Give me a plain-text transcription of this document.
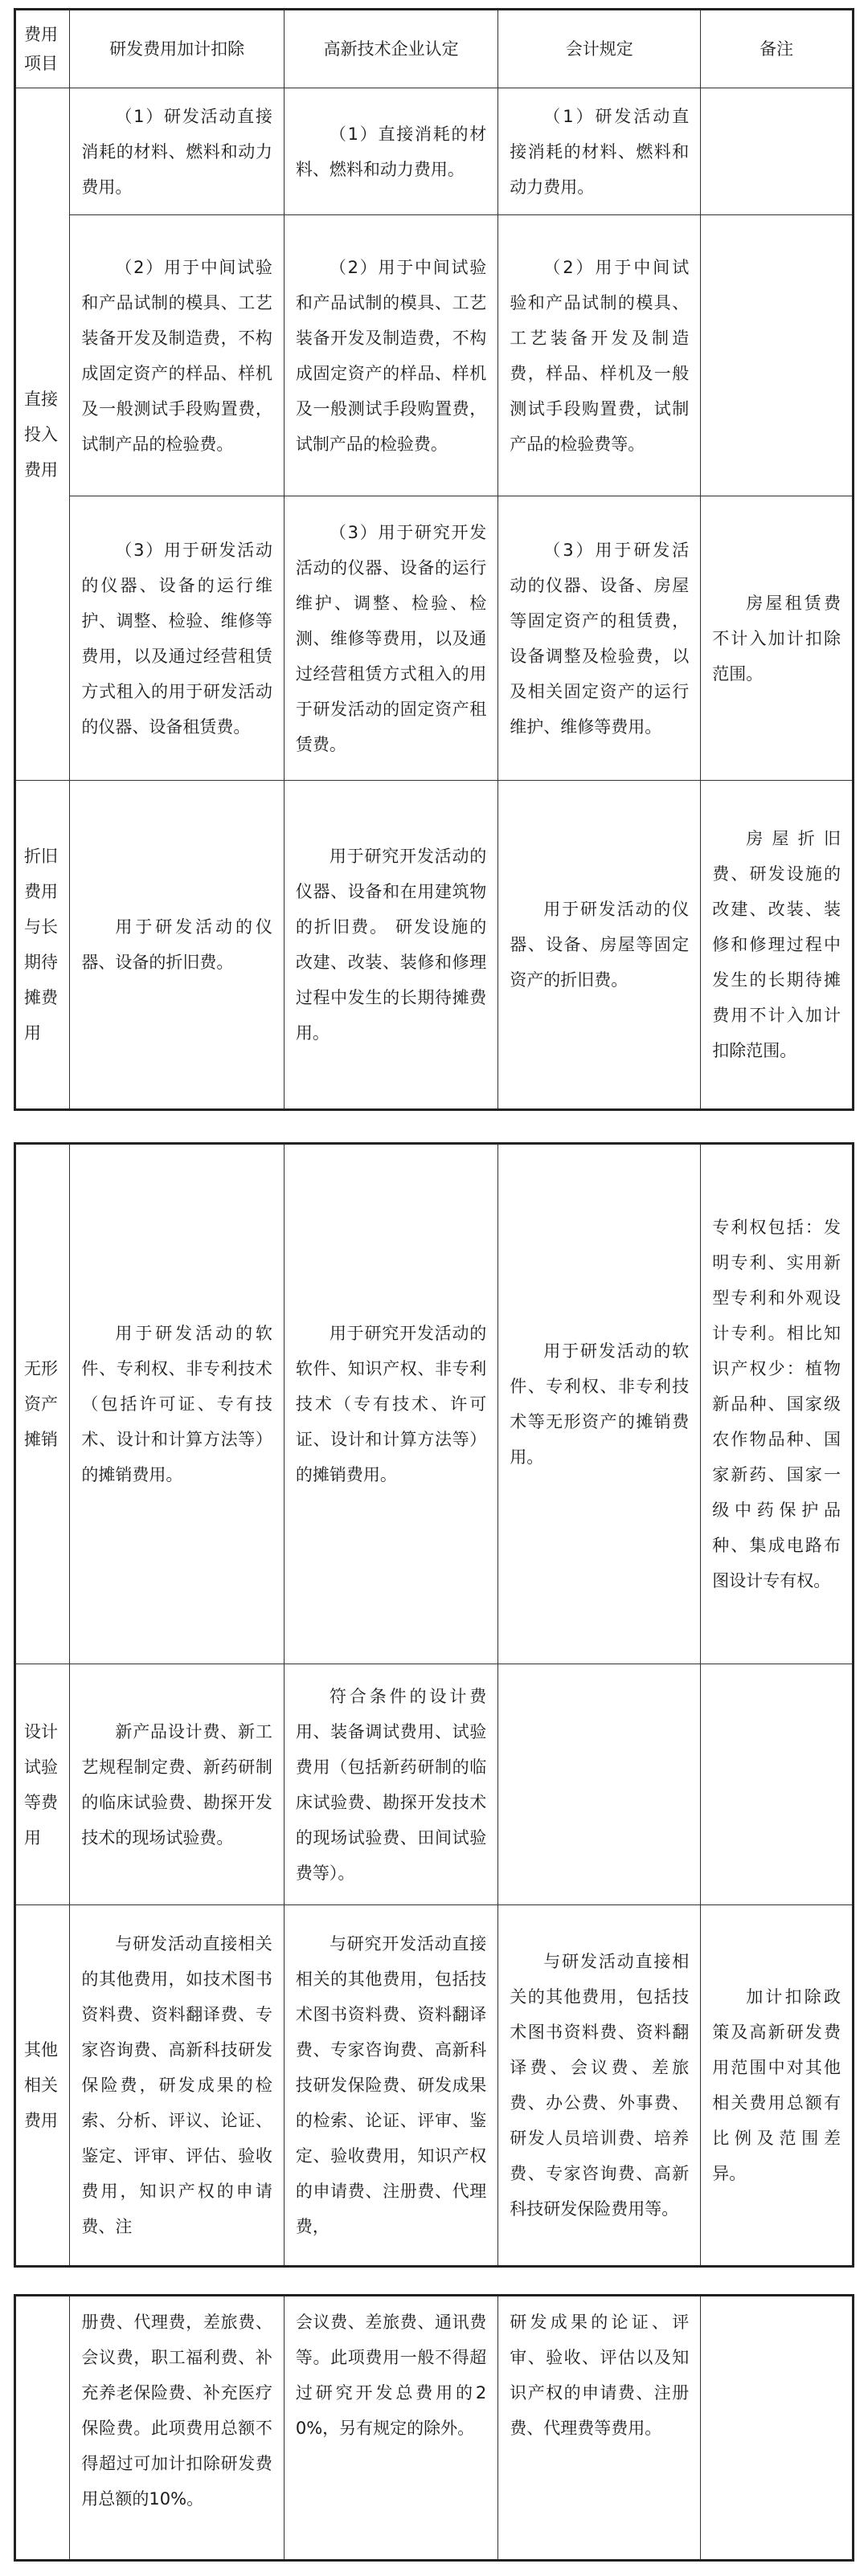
费用项目	研发费用加计扣除	高新技术企业认定	会计规定	备注
直接投入费用	（1）研发活动直接消耗的材料、燃料和动力费用。	（1）直接消耗的材料、燃料和动力费用。	（1）研发活动直接消耗的材料、燃料和动力费用。	
	（2）用于中间试验和产品试制的模具、工艺装备开发及制造费，不构成固定资产的样品、样机及一般测试手段购置费，试制产品的检验费。	（2）用于中间试验和产品试制的模具、工艺装备开发及制造费，不构成固定资产的样品、样机及一般测试手段购置费，试制产品的检验费。	（2）用于中间试验和产品试制的模具、工艺装备开发及制造费，样品、样机及一般测试手段购置费，试制产品的检验费等。	
	（3）用于研发活动的仪器、设备的运行维护、调整、检验、维修等费用，以及通过经营租赁方式租入的用于研发活动的仪器、设备租赁费。	（3）用于研究开发活动的仪器、设备的运行维护、调整、检验、检测、维修等费用，以及通过经营租赁方式租入的用于研发活动的固定资产租赁费。	（3）用于研发活动的仪器、设备、房屋等固定资产的租赁费，设备调整及检验费，以及相关固定资产的运行维护、维修等费用。	房屋租赁费不计入加计扣除范围。
折旧费用与长期待摊费用	用于研发活动的仪器、设备的折旧费。	用于研究开发活动的仪器、设备和在用建筑物的折旧费。 研发设施的改建、改装、装修和修理过程中发生的长期待摊费用。	用于研发活动的仪器、设备、房屋等固定资产的折旧费。	房屋折旧费、研发设施的改建、改装、装修和修理过程中发生的长期待摊费用不计入加计扣除范围。
无形资产摊销	用于研发活动的软件、专利权、非专利技术（包括许可证、专有技术、设计和计算方法等）的摊销费用。	用于研究开发活动的软件、知识产权、非专利技术（专有技术、许可证、设计和计算方法等）的摊销费用。	用于研发活动的软件、专利权、非专利技术等无形资产的摊销费用。	专利权包括：发明专利、实用新型专利和外观设计专利。相比知识产权少：植物新品种、国家级农作物品种、国家新药、国家一级中药保护品种、集成电路布图设计专有权。
设计试验等费用	新产品设计费、新工艺规程制定费、新药研制的临床试验费、勘探开发技术的现场试验费。	符合条件的设计费用、装备调试费用、试验费用（包括新药研制的临床试验费、勘探开发技术的现场试验费、田间试验费等）。		
其他相关费用	与研发活动直接相关的其他费用，如技术图书资料费、资料翻译费、专家咨询费、高新科技研发保险费，研发成果的检索、分析、评议、论证、鉴定、评审、评估、验收费用，知识产权的申请费、注	与研究开发活动直接相关的其他费用，包括技术图书资料费、资料翻译费、专家咨询费、高新科技研发保险费、研发成果的检索、论证、评审、鉴定、验收费用，知识产权的申请费、注册费、代理费，	与研发活动直接相关的其他费用，包括技术图书资料费、资料翻译费、会议费、差旅费、办公费、外事费、研发人员培训费、培养费、专家咨询费、高新科技研发保险费用等。	加计扣除政策及高新研发费用范围中对其他相关费用总额有比例及范围差异。
	册费、代理费，差旅费、会议费，职工福利费、补充养老保险费、补充医疗保险费。此项费用总额不得超过可加计扣除研发费用总额的10%。	会议费、差旅费、通讯费等。此项费用一般不得超过研究开发总费用的20%，另有规定的除外。	研发成果的论证、评审、验收、评估以及知识产权的申请费、注册费、代理费等费用。	
